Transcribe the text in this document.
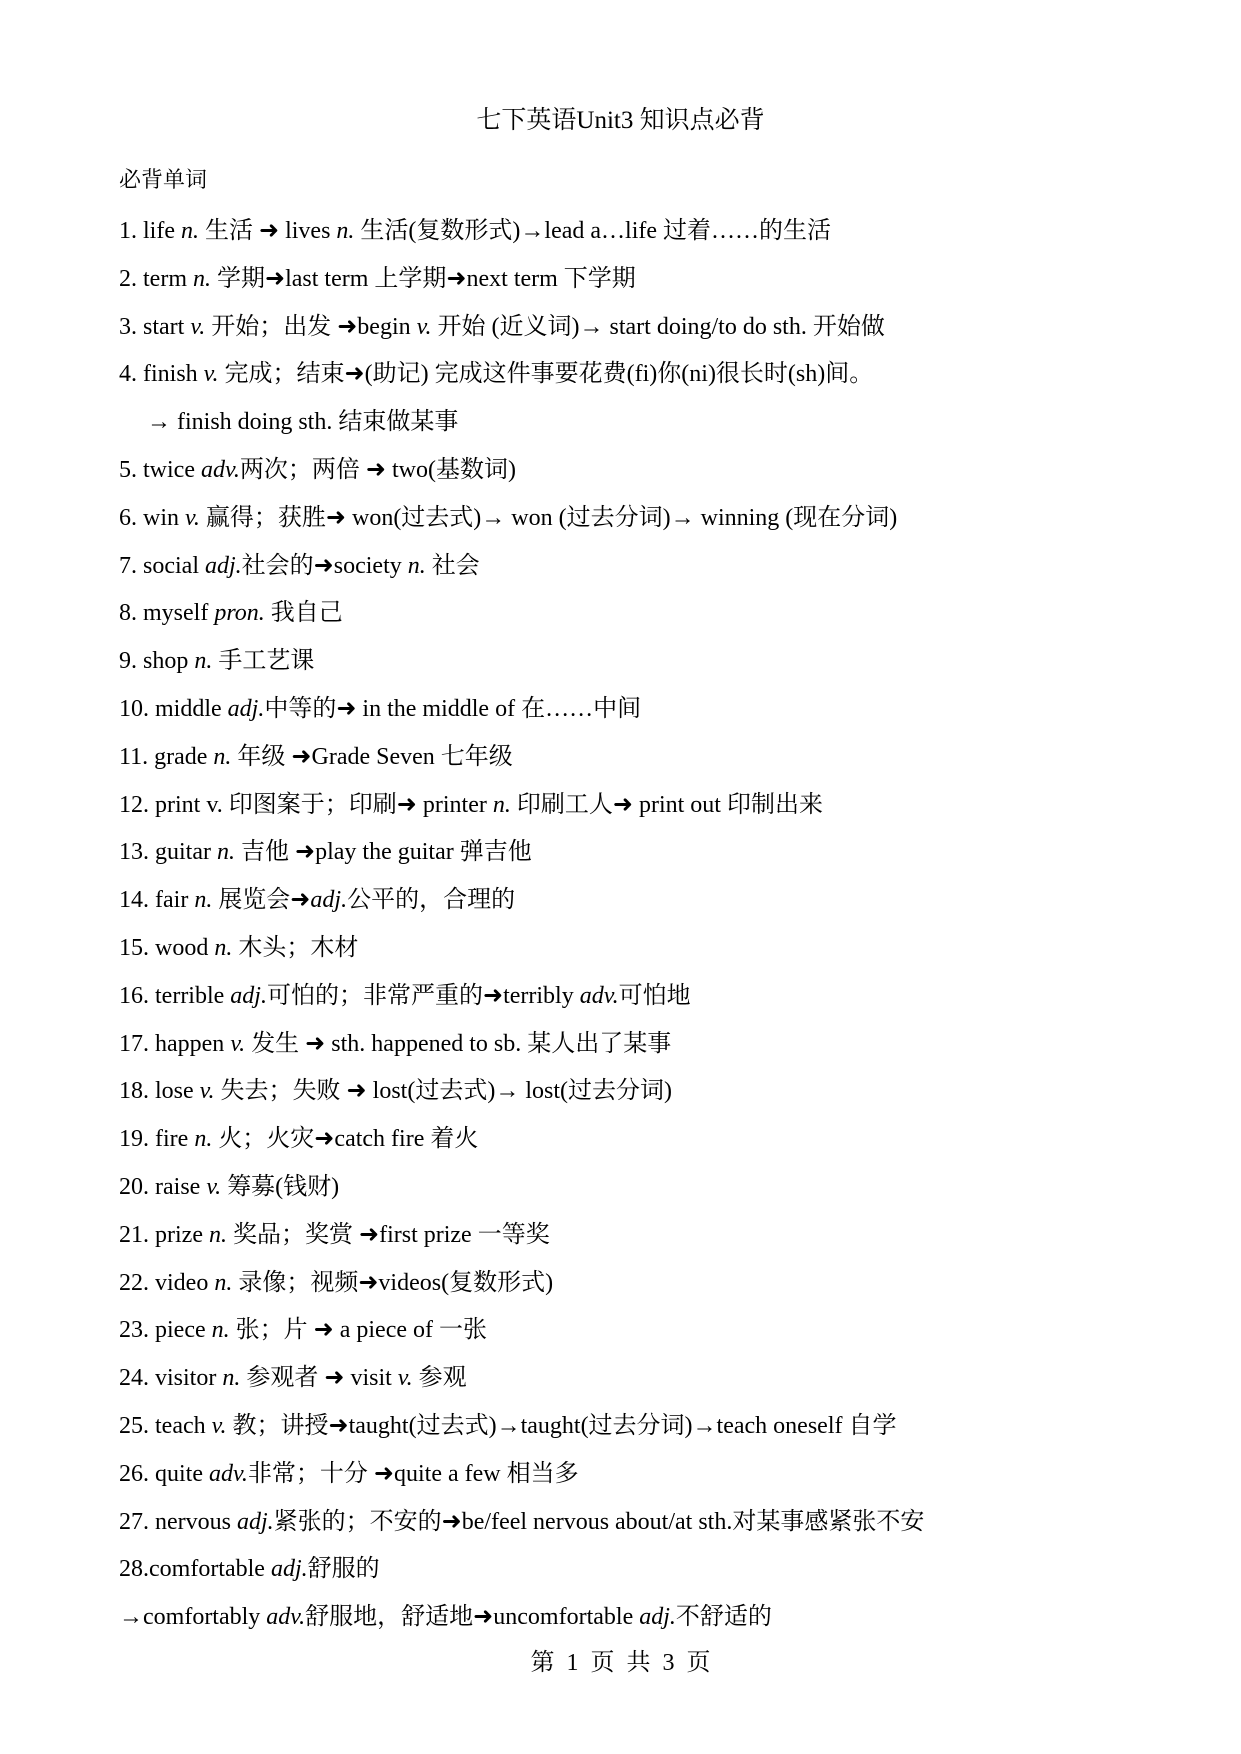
七下英语Unit3 知识点必背
必背单词
1. life n. 生活 ➜ lives n. 生活(复数形式)→lead a…life 过着……的生活
2. term n. 学期➜last term 上学期➜next term 下学期
3. start v. 开始；出发 ➜begin v. 开始 (近义词)→ start doing/to do sth. 开始做
4. finish v. 完成；结束➜(助记) 完成这件事要花费(fi)你(ni)很长时(sh)间。
→ finish doing sth. 结束做某事
5. twice adv.两次；两倍 ➜ two(基数词)
6. win v. 赢得；获胜➜ won(过去式)→ won (过去分词)→ winning (现在分词)
7. social adj.社会的➜society n. 社会
8. myself pron. 我自己
9. shop n. 手工艺课
10. middle adj.中等的➜ in the middle of 在……中间
11. grade n. 年级 ➜Grade Seven 七年级
12. print v. 印图案于；印刷➜ printer n. 印刷工人➜ print out 印制出来
13. guitar n. 吉他 ➜play the guitar 弹吉他
14. fair n. 展览会➜adj.公平的，合理的
15. wood n. 木头；木材
16. terrible adj.可怕的；非常严重的➜terribly adv.可怕地
17. happen v. 发生 ➜ sth. happened to sb. 某人出了某事
18. lose v. 失去；失败 ➜ lost(过去式)→ lost(过去分词)
19. fire n. 火；火灾➜catch fire 着火
20. raise v. 筹募(钱财)
21. prize n. 奖品；奖赏 ➜first prize 一等奖
22. video n. 录像；视频➜videos(复数形式)
23. piece n. 张；片 ➜ a piece of 一张
24. visitor n. 参观者 ➜ visit v. 参观
25. teach v. 教；讲授➜taught(过去式)→taught(过去分词)→teach oneself 自学
26. quite adv.非常；十分 ➜quite a few 相当多
27. nervous adj.紧张的；不安的➜be/feel nervous about/at sth.对某事感紧张不安
28.comfortable adj.舒服的
→comfortably adv.舒服地，舒适地➜uncomfortable adj.不舒适的
第 1 页 共 3 页
